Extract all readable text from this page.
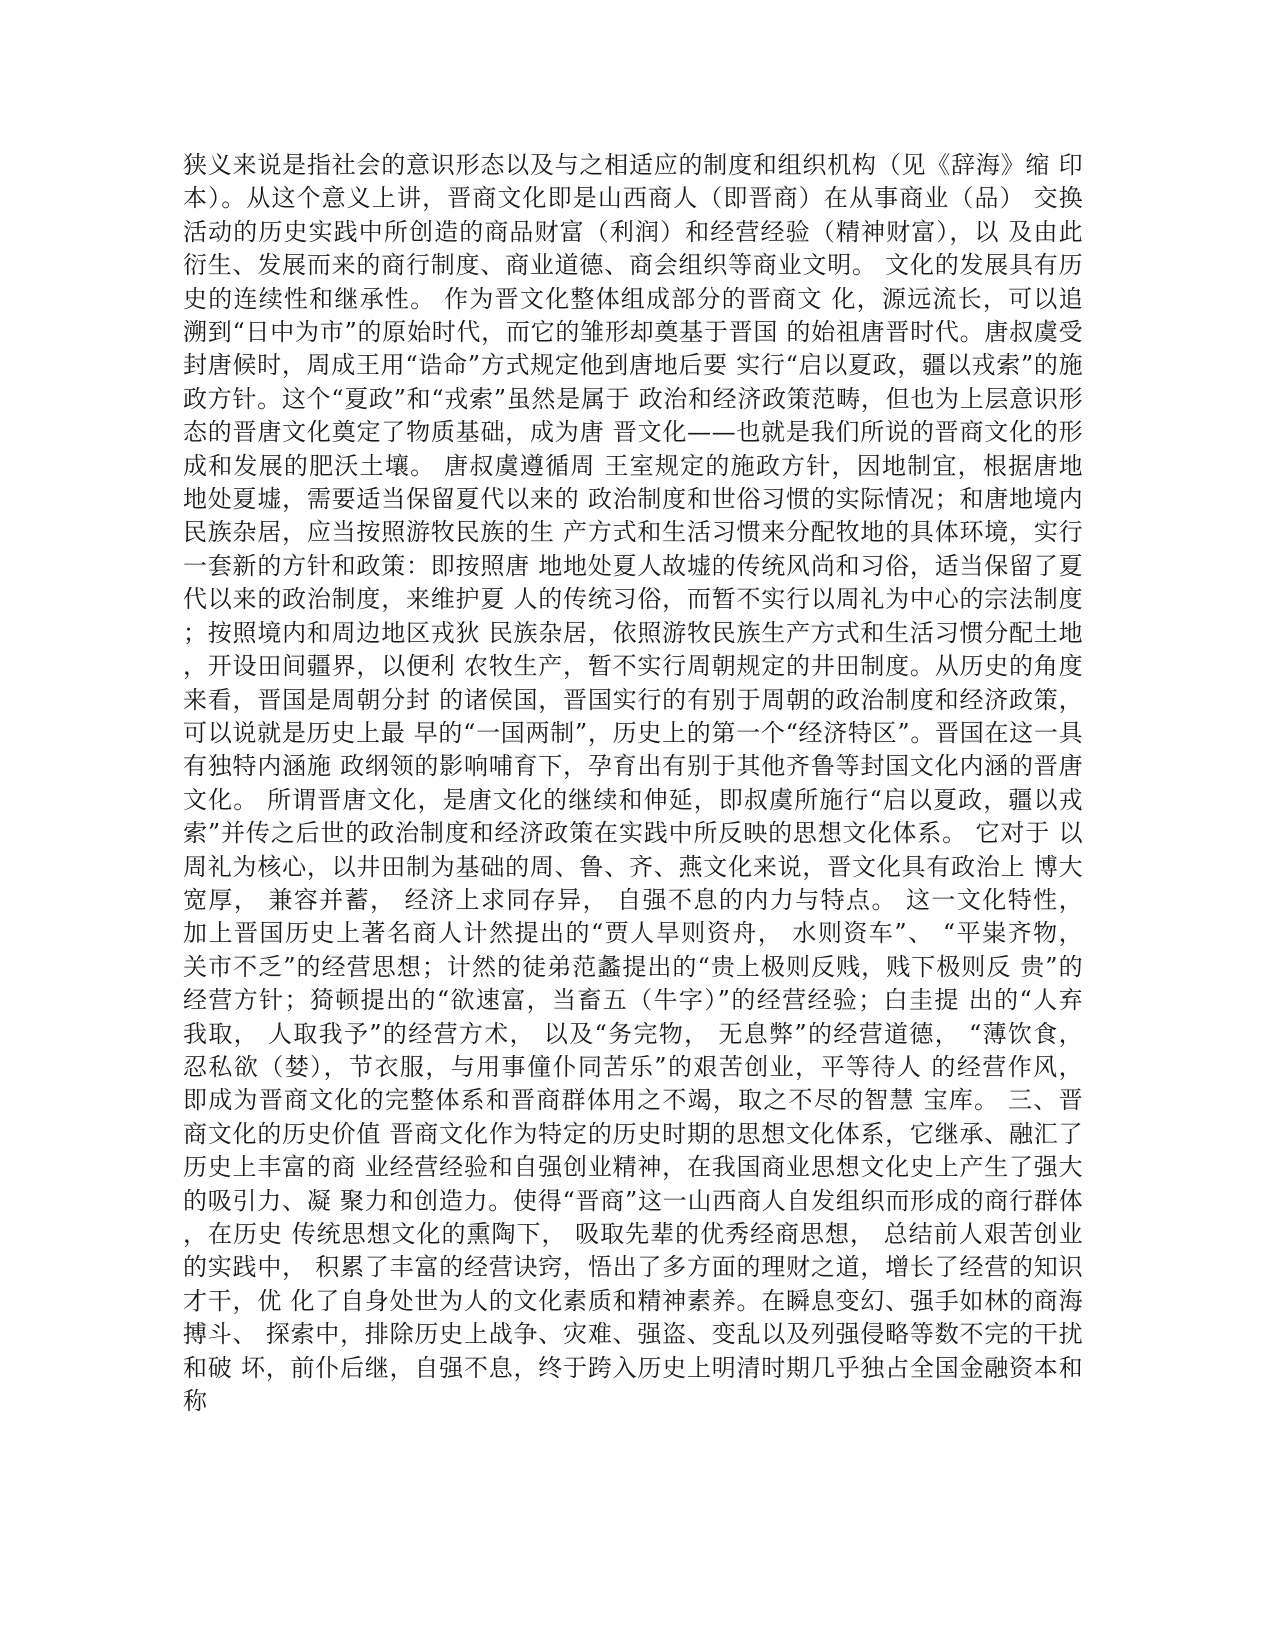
狭义来说是指社会的意识形态以及与之相适应的制度和组织机构（见《辞海》缩 印
本）。从这个意义上讲，晋商文化即是山西商人（即晋商）在从事商业（品） 交换
活动的历史实践中所创造的商品财富（利润）和经营经验（精神财富），以 及由此
衍生、发展而来的商行制度、商业道德、商会组织等商业文明。 文化的发展具有历
史的连续性和继承性。 作为晋文化整体组成部分的晋商文 化，源远流长，可以追
溯到“日中为市”的原始时代，而它的雏形却奠基于晋国 的始祖唐晋时代。唐叔虞受
封唐候时，周成王用“诰命”方式规定他到唐地后要 实行“启以夏政，疆以戎索”的施
政方针。这个“夏政”和“戎索”虽然是属于 政治和经济政策范畴，但也为上层意识形
态的晋唐文化奠定了物质基础，成为唐 晋文化——也就是我们所说的晋商文化的形
成和发展的肥沃土壤。 唐叔虞遵循周 王室规定的施政方针，因地制宜，根据唐地
地处夏墟，需要适当保留夏代以来的 政治制度和世俗习惯的实际情况；和唐地境内
民族杂居，应当按照游牧民族的生 产方式和生活习惯来分配牧地的具体环境，实行
一套新的方针和政策：即按照唐 地地处夏人故墟的传统风尚和习俗，适当保留了夏
代以来的政治制度，来维护夏 人的传统习俗，而暂不实行以周礼为中心的宗法制度
；按照境内和周边地区戎狄 民族杂居，依照游牧民族生产方式和生活习惯分配土地
，开设田间疆界，以便利 农牧生产，暂不实行周朝规定的井田制度。从历史的角度
来看，晋国是周朝分封 的诸侯国，晋国实行的有别于周朝的政治制度和经济政策，
可以说就是历史上最 早的“一国两制”，历史上的第一个“经济特区”。晋国在这一具
有独特内涵施 政纲领的影响哺育下，孕育出有别于其他齐鲁等封国文化内涵的晋唐
文化。 所谓晋唐文化，是唐文化的继续和伸延，即叔虞所施行“启以夏政，疆以戎
索”并传之后世的政治制度和经济政策在实践中所反映的思想文化体系。 它对于 以
周礼为核心，以井田制为基础的周、鲁、齐、燕文化来说，晋文化具有政治上 博大
宽厚， 兼容并蓄， 经济上求同存异， 自强不息的内力与特点。 这一文化特性，
加上晋国历史上著名商人计然提出的“贾人旱则资舟， 水则资车”、 “平粜齐物，
关市不乏”的经营思想；计然的徒弟范蠡提出的“贵上极则反贱，贱下极则反 贵”的
经营方针；猗顿提出的“欲速富，当畜五（牛字）”的经营经验；白圭提 出的“人弃
我取， 人取我予”的经营方术， 以及“务完物， 无息弊”的经营道德， “薄饮食，
忍私欲（婪），节衣服，与用事僮仆同苦乐”的艰苦创业，平等待人 的经营作风，
即成为晋商文化的完整体系和晋商群体用之不竭，取之不尽的智慧 宝库。 三、晋
商文化的历史价值 晋商文化作为特定的历史时期的思想文化体系，它继承、融汇了
历史上丰富的商 业经营经验和自强创业精神，在我国商业思想文化史上产生了强大
的吸引力、凝 聚力和创造力。使得“晋商”这一山西商人自发组织而形成的商行群体
，在历史 传统思想文化的熏陶下， 吸取先辈的优秀经商思想， 总结前人艰苦创业
的实践中， 积累了丰富的经营诀窍，悟出了多方面的理财之道，增长了经营的知识
才干，优 化了自身处世为人的文化素质和精神素养。在瞬息变幻、强手如林的商海
搏斗、 探索中，排除历史上战争、灾难、强盗、变乱以及列强侵略等数不完的干扰
和破 坏，前仆后继，自强不息，终于跨入历史上明清时期几乎独占全国金融资本和
称
